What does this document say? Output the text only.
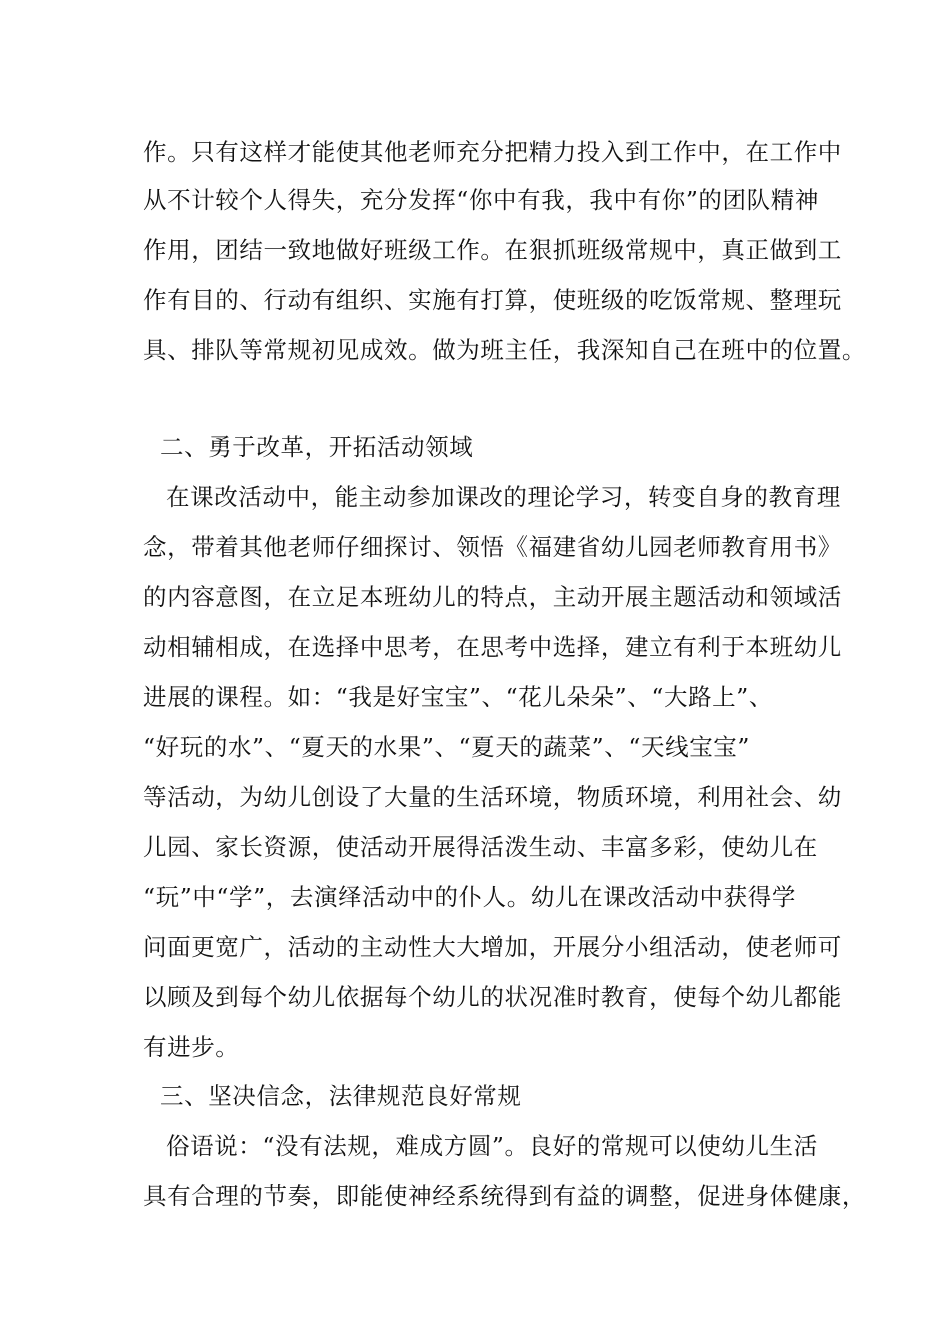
作。只有这样才能使其他老师充分把精力投入到工作中，在工作中
从不计较个人得失，充分发挥“你中有我，我中有你”的团队精神
作用，团结一致地做好班级工作。在狠抓班级常规中，真正做到工
作有目的、行动有组织、实施有打算，使班级的吃饭常规、整理玩
具、排队等常规初见成效。做为班主任，我深知自己在班中的位置。
二、勇于改革，开拓活动领域
在课改活动中，能主动参加课改的理论学习，转变自身的教育理
念，带着其他老师仔细探讨、领悟《福建省幼儿园老师教育用书》
的内容意图，在立足本班幼儿的特点，主动开展主题活动和领域活
动相辅相成，在选择中思考，在思考中选择，建立有利于本班幼儿
进展的课程。如：“我是好宝宝”、“花儿朵朵”、“大路上”、
“好玩的水”、“夏天的水果”、“夏天的蔬菜”、“天线宝宝”
等活动，为幼儿创设了大量的生活环境，物质环境，利用社会、幼
儿园、家长资源，使活动开展得活泼生动、丰富多彩，使幼儿在
“玩”中“学”，去演绎活动中的仆人。幼儿在课改活动中获得学
问面更宽广，活动的主动性大大增加，开展分小组活动，使老师可
以顾及到每个幼儿依据每个幼儿的状况准时教育，使每个幼儿都能
有进步。
三、坚决信念，法律规范良好常规
俗语说：“没有法规，难成方圆”。良好的常规可以使幼儿生活
具有合理的节奏，即能使神经系统得到有益的调整，促进身体健康，
